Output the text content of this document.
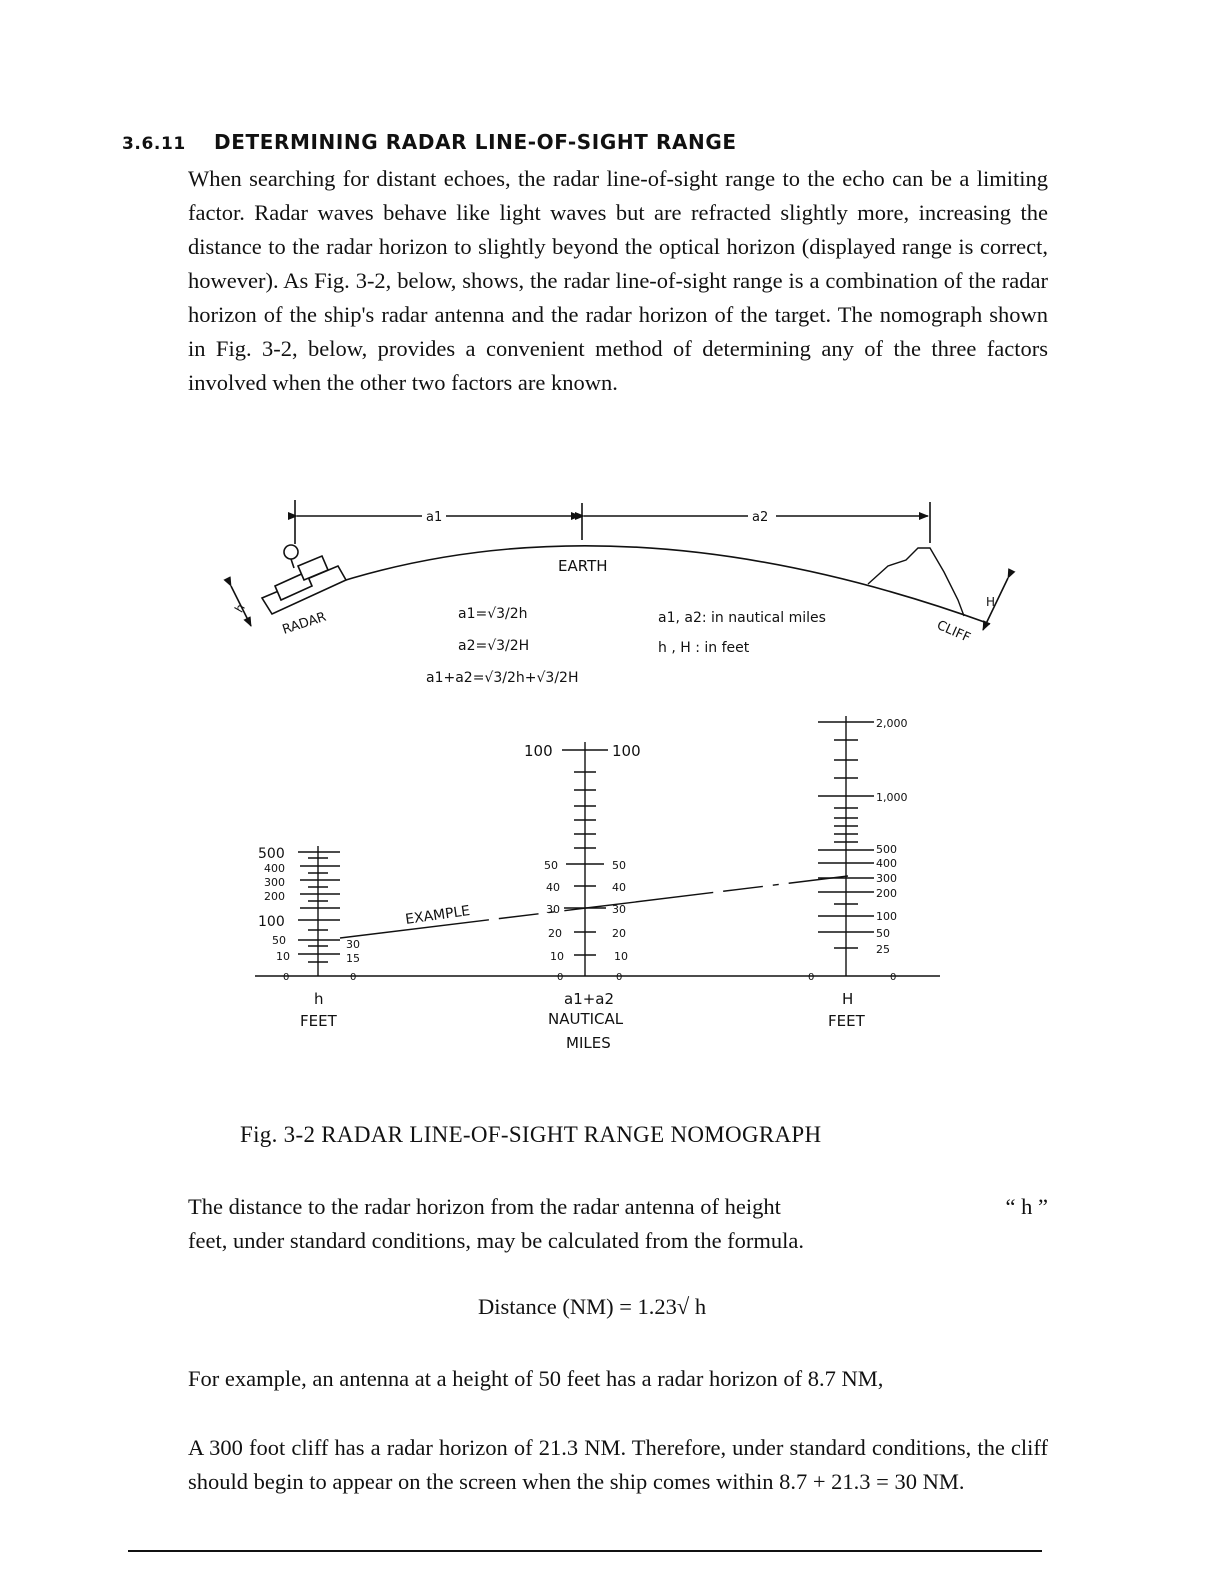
3.6.11 DETERMINING RADAR LINE-OF-SIGHT RANGE
When searching for distant echoes, the radar line-of-sight range to the echo can be a limiting factor. Radar waves behave like light waves but are refracted slightly more, increasing the distance to the radar horizon to slightly beyond the optical horizon (displayed range is correct, however). As Fig. 3-2, below, shows, the radar line-of-sight range is a combination of the radar horizon of the ship's radar antenna and the radar horizon of the target. The nomograph shown in Fig. 3-2, below, provides a convenient method of determining any of the three factors involved when the other two factors are known.
a1	a2
EARTH
h
RADAR
H
CLIFF
a1=√3/2h
a2=√3/2H
a1+a2=√3/2h+√3/2H
a1, a2: in nautical miles
h , H : in feet
500
400
300
200
100
50
10
0
30
15
0
h
FEET
100
50
40
30
20
10
0
100
50
40
30
20
10
0
a1+a2
NAUTICAL
MILES
0
2,000
1,000
500
400
300
200
100
50
25
0
H
FEET
EXAMPLE
Fig. 3-2 RADAR LINE-OF-SIGHT RANGE NOMOGRAPH
The distance to the radar horizon from the radar antenna of height	“ h ”
feet, under standard conditions, may be calculated from the formula.
Distance (NM) = 1.23√ h
For example, an antenna at a height of 50 feet has a radar horizon of 8.7 NM,
A 300 foot cliff has a radar horizon of 21.3 NM. Therefore, under standard conditions, the cliff should begin to appear on the screen when the ship comes within 8.7 + 21.3 = 30 NM.
